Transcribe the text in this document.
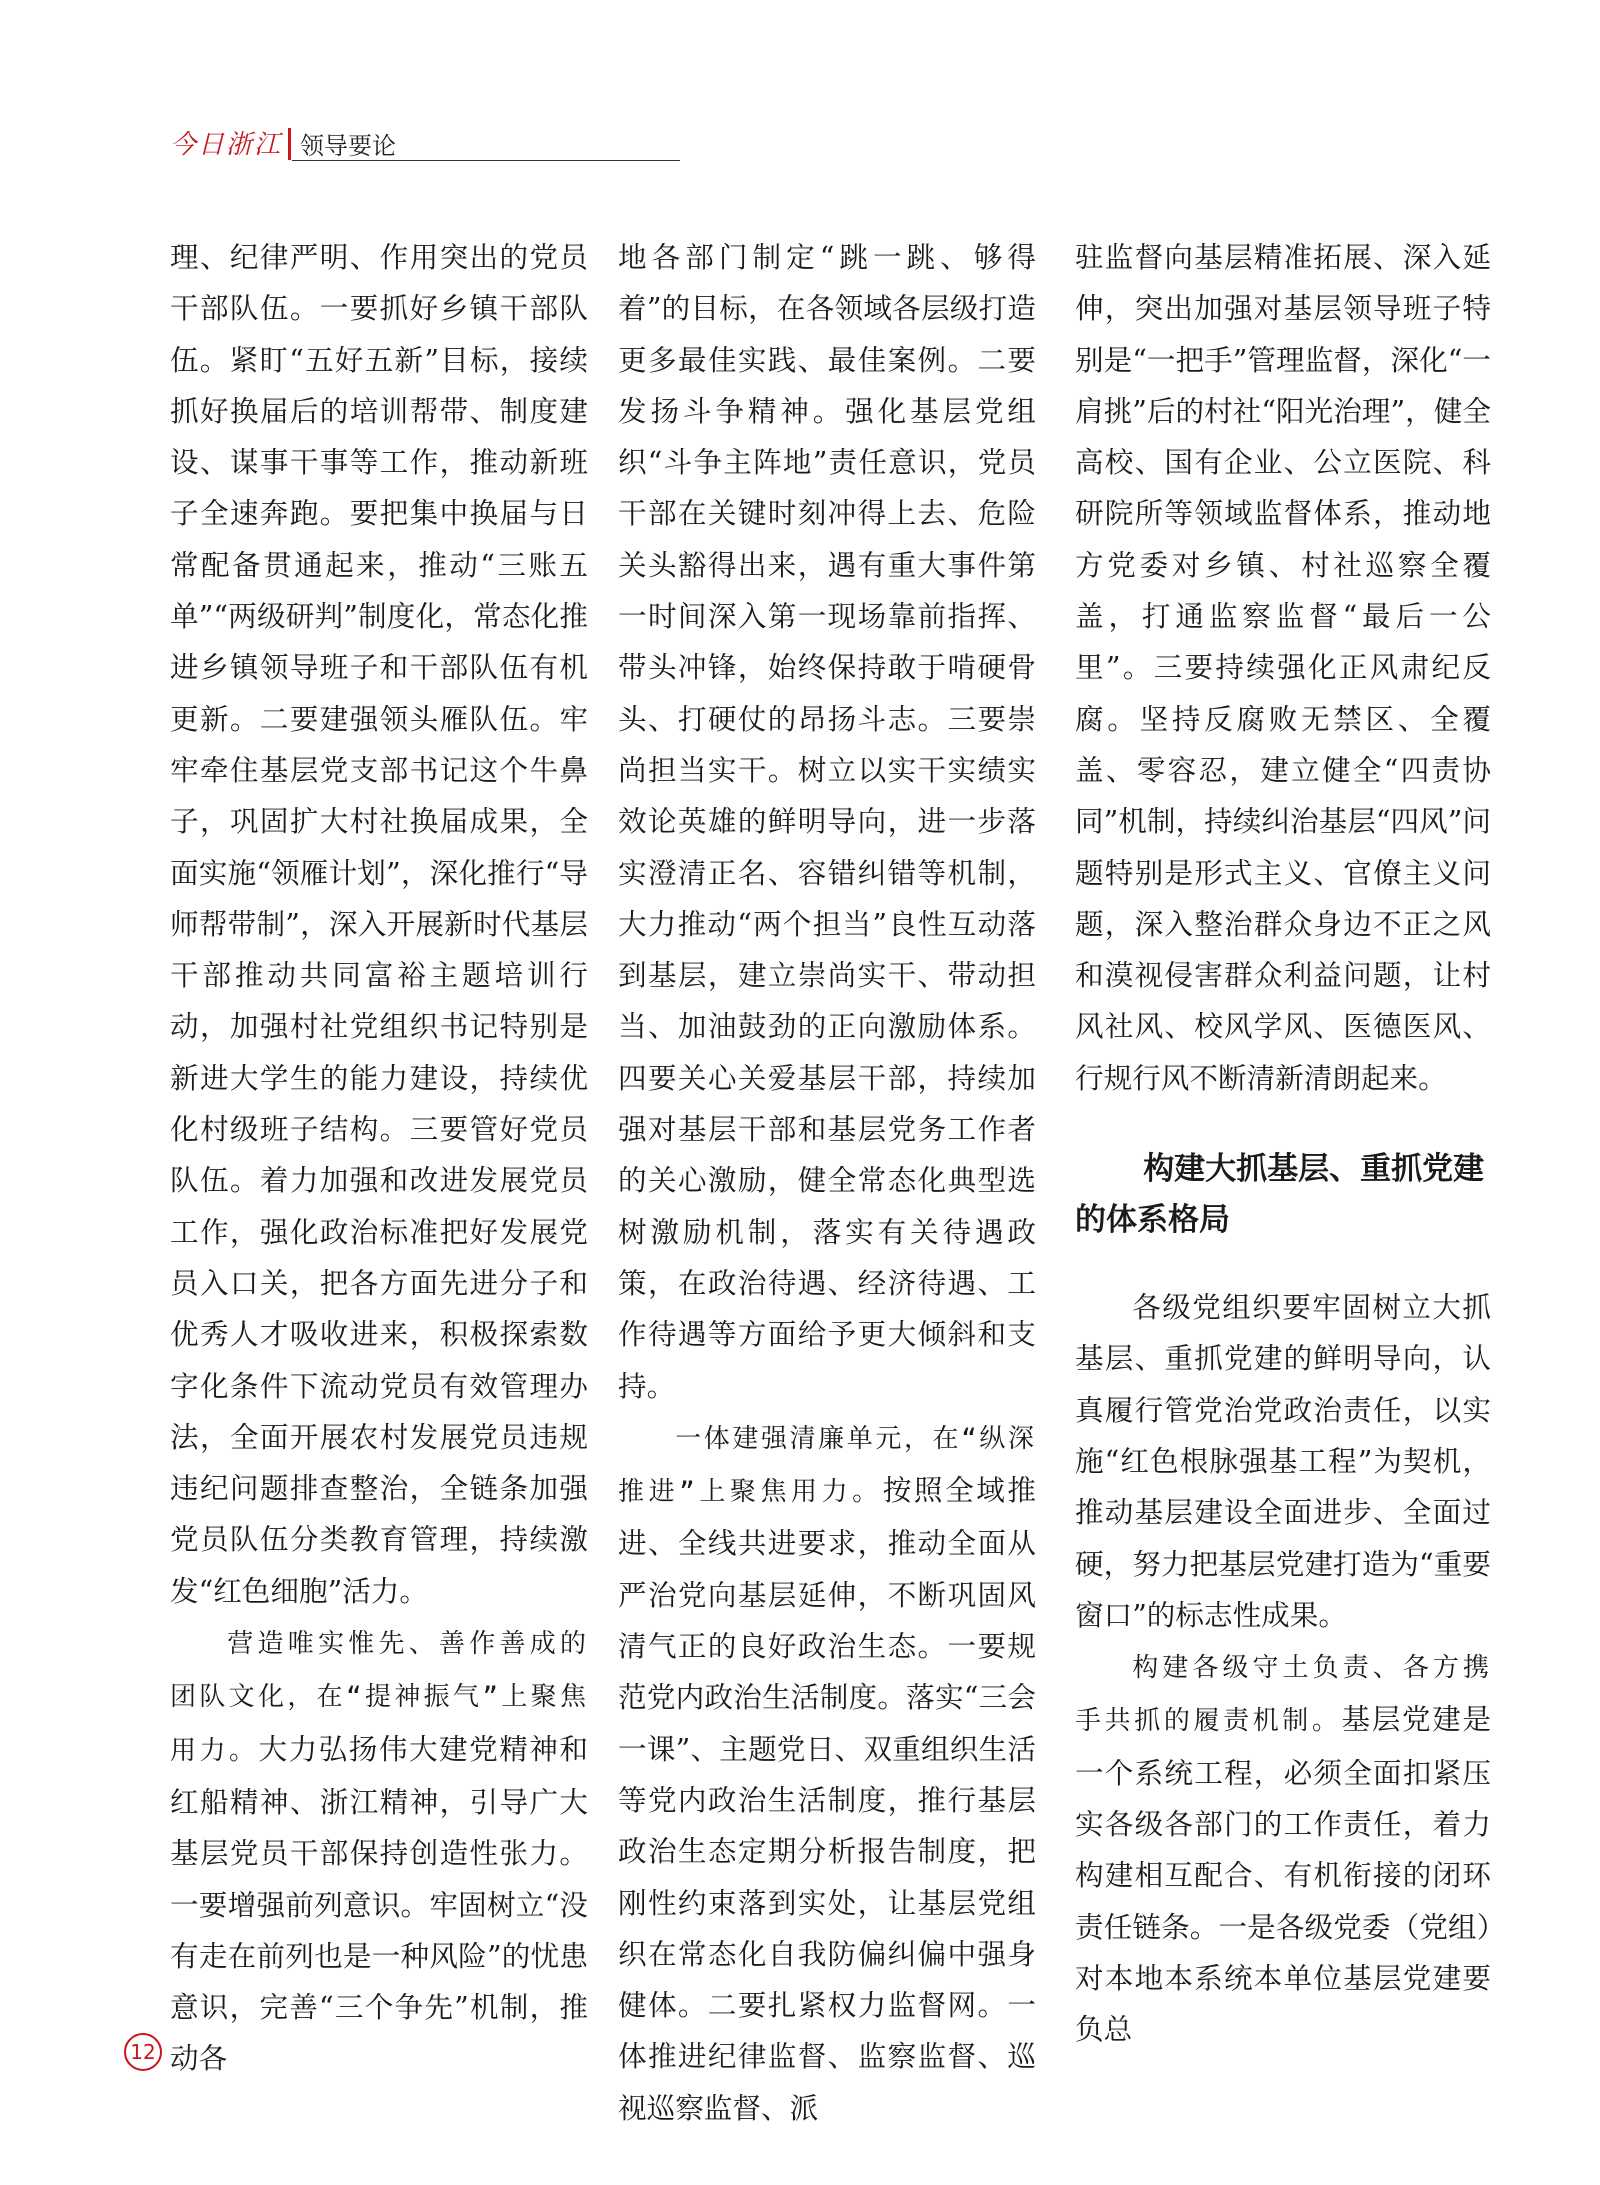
今日浙江 领导要论

理、纪律严明、作用突出的党员干部队伍。一要抓好乡镇干部队伍。紧盯“五好五新”目标，接续抓好换届后的培训帮带、制度建设、谋事干事等工作，推动新班子全速奔跑。要把集中换届与日常配备贯通起来，推动“三账五单”“两级研判”制度化，常态化推进乡镇领导班子和干部队伍有机更新。二要建强领头雁队伍。牢牢牵住基层党支部书记这个牛鼻子，巩固扩大村社换届成果，全面实施“领雁计划”，深化推行“导师帮带制”，深入开展新时代基层干部推动共同富裕主题培训行动，加强村社党组织书记特别是新进大学生的能力建设，持续优化村级班子结构。三要管好党员队伍。着力加强和改进发展党员工作，强化政治标准把好发展党员入口关，把各方面先进分子和优秀人才吸收进来，积极探索数字化条件下流动党员有效管理办法，全面开展农村发展党员违规违纪问题排查整治，全链条加强党员队伍分类教育管理，持续激发“红色细胞”活力。

营造唯实惟先、善作善成的团队文化，在“提神振气”上聚焦用力。大力弘扬伟大建党精神和红船精神、浙江精神，引导广大基层党员干部保持创造性张力。一要增强前列意识。牢固树立“没有走在前列也是一种风险”的忧患意识，完善“三个争先”机制，推动各

地各部门制定“跳一跳、够得着”的目标，在各领域各层级打造更多最佳实践、最佳案例。二要发扬斗争精神。强化基层党组织“斗争主阵地”责任意识，党员干部在关键时刻冲得上去、危险关头豁得出来，遇有重大事件第一时间深入第一现场靠前指挥、带头冲锋，始终保持敢于啃硬骨头、打硬仗的昂扬斗志。三要崇尚担当实干。树立以实干实绩实效论英雄的鲜明导向，进一步落实澄清正名、容错纠错等机制，大力推动“两个担当”良性互动落到基层，建立崇尚实干、带动担当、加油鼓劲的正向激励体系。四要关心关爱基层干部，持续加强对基层干部和基层党务工作者的关心激励，健全常态化典型选树激励机制，落实有关待遇政策，在政治待遇、经济待遇、工作待遇等方面给予更大倾斜和支持。

一体建强清廉单元，在“纵深推进”上聚焦用力。按照全域推进、全线共进要求，推动全面从严治党向基层延伸，不断巩固风清气正的良好政治生态。一要规范党内政治生活制度。落实“三会一课”、主题党日、双重组织生活等党内政治生活制度，推行基层政治生态定期分析报告制度，把刚性约束落到实处，让基层党组织在常态化自我防偏纠偏中强身健体。二要扎紧权力监督网。一体推进纪律监督、监察监督、巡视巡察监督、派

驻监督向基层精准拓展、深入延伸，突出加强对基层领导班子特别是“一把手”管理监督，深化“一肩挑”后的村社“阳光治理”，健全高校、国有企业、公立医院、科研院所等领域监督体系，推动地方党委对乡镇、村社巡察全覆盖，打通监察监督“最后一公里”。三要持续强化正风肃纪反腐。坚持反腐败无禁区、全覆盖、零容忍，建立健全“四责协同”机制，持续纠治基层“四风”问题特别是形式主义、官僚主义问题，深入整治群众身边不正之风和漠视侵害群众利益问题，让村风社风、校风学风、医德医风、行规行风不断清新清朗起来。

构建大抓基层、重抓党建的体系格局

各级党组织要牢固树立大抓基层、重抓党建的鲜明导向，认真履行管党治党政治责任，以实施“红色根脉强基工程”为契机，推动基层建设全面进步、全面过硬，努力把基层党建打造为“重要窗口”的标志性成果。

构建各级守土负责、各方携手共抓的履责机制。基层党建是一个系统工程，必须全面扣紧压实各级各部门的工作责任，着力构建相互配合、有机衔接的闭环责任链条。一是各级党委（党组）对本地本系统本单位基层党建要负总

12
